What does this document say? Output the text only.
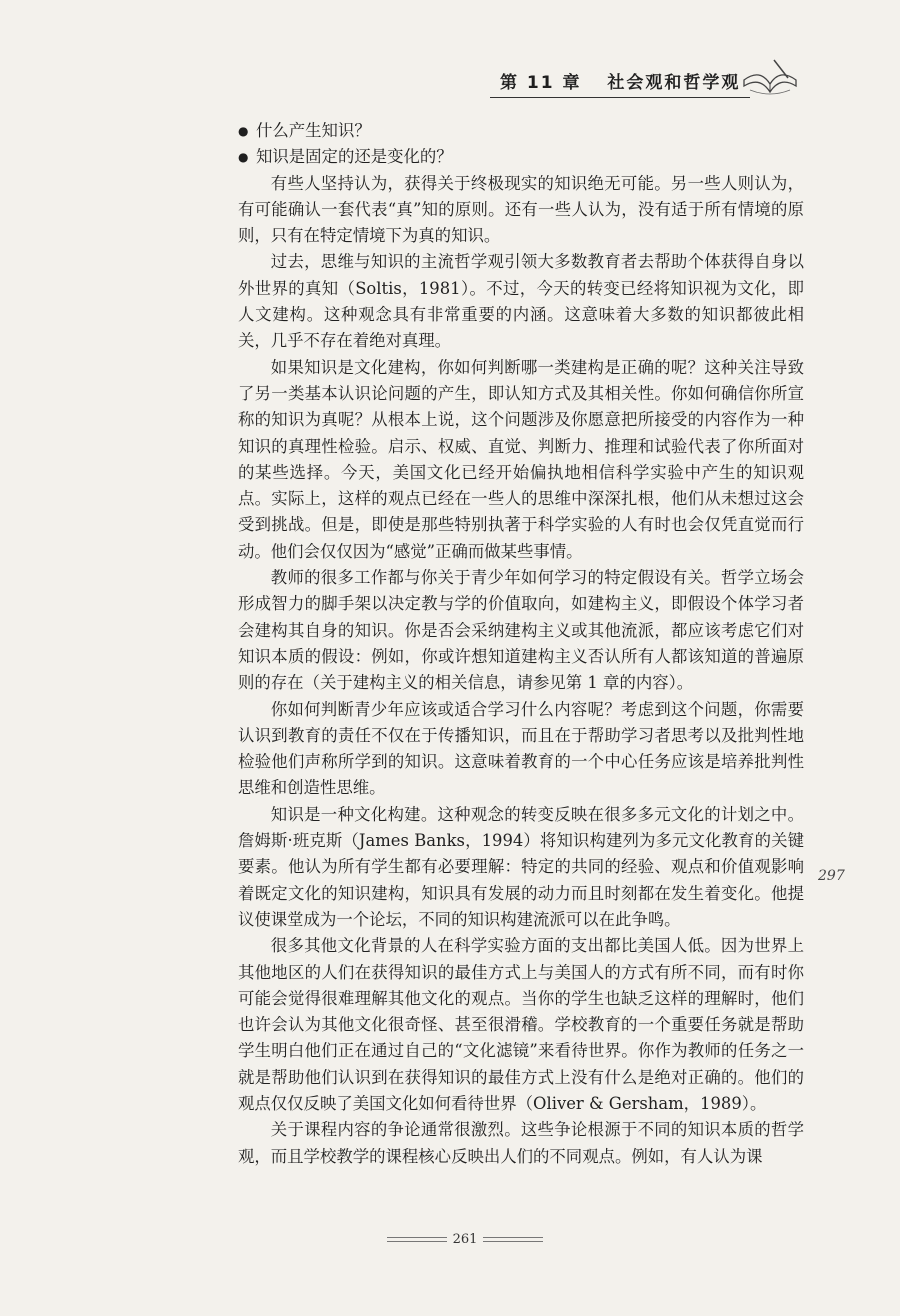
第 11 章 社会观和哲学观
● 什么产生知识？
● 知识是固定的还是变化的？

有些人坚持认为，获得关于终极现实的知识绝无可能。另一些人则认为，有可能确认一套代表“真”知的原则。还有一些人认为，没有适于所有情境的原则，只有在特定情境下为真的知识。

过去，思维与知识的主流哲学观引领大多数教育者去帮助个体获得自身以外世界的真知（Soltis，1981）。不过，今天的转变已经将知识视为文化，即人文建构。这种观念具有非常重要的内涵。这意味着大多数的知识都彼此相关，几乎不存在着绝对真理。

如果知识是文化建构，你如何判断哪一类建构是正确的呢？这种关注导致了另一类基本认识论问题的产生，即认知方式及其相关性。你如何确信你所宣称的知识为真呢？从根本上说，这个问题涉及你愿意把所接受的内容作为一种知识的真理性检验。启示、权威、直觉、判断力、推理和试验代表了你所面对的某些选择。今天，美国文化已经开始偏执地相信科学实验中产生的知识观点。实际上，这样的观点已经在一些人的思维中深深扎根，他们从未想过这会受到挑战。但是，即使是那些特别执著于科学实验的人有时也会仅凭直觉而行动。他们会仅仅因为“感觉”正确而做某些事情。

教师的很多工作都与你关于青少年如何学习的特定假设有关。哲学立场会形成智力的脚手架以决定教与学的价值取向，如建构主义，即假设个体学习者会建构其自身的知识。你是否会采纳建构主义或其他流派，都应该考虑它们对知识本质的假设：例如，你或许想知道建构主义否认所有人都该知道的普遍原则的存在（关于建构主义的相关信息，请参见第 1 章的内容）。

你如何判断青少年应该或适合学习什么内容呢？考虑到这个问题，你需要认识到教育的责任不仅在于传播知识，而且在于帮助学习者思考以及批判性地检验他们声称所学到的知识。这意味着教育的一个中心任务应该是培养批判性思维和创造性思维。

知识是一种文化构建。这种观念的转变反映在很多多元文化的计划之中。詹姆斯·班克斯（James Banks，1994）将知识构建列为多元文化教育的关键要素。他认为所有学生都有必要理解：特定的共同的经验、观点和价值观影响着既定文化的知识建构，知识具有发展的动力而且时刻都在发生着变化。他提议使课堂成为一个论坛，不同的知识构建流派可以在此争鸣。

很多其他文化背景的人在科学实验方面的支出都比美国人低。因为世界上其他地区的人们在获得知识的最佳方式上与美国人的方式有所不同，而有时你可能会觉得很难理解其他文化的观点。当你的学生也缺乏这样的理解时，他们也许会认为其他文化很奇怪、甚至很滑稽。学校教育的一个重要任务就是帮助学生明白他们正在通过自己的“文化滤镜”来看待世界。你作为教师的任务之一就是帮助他们认识到在获得知识的最佳方式上没有什么是绝对正确的。他们的观点仅仅反映了美国文化如何看待世界（Oliver & Gersham，1989）。

关于课程内容的争论通常很激烈。这些争论根源于不同的知识本质的哲学观，而且学校教学的课程核心反映出人们的不同观点。例如，有人认为课

297
261
